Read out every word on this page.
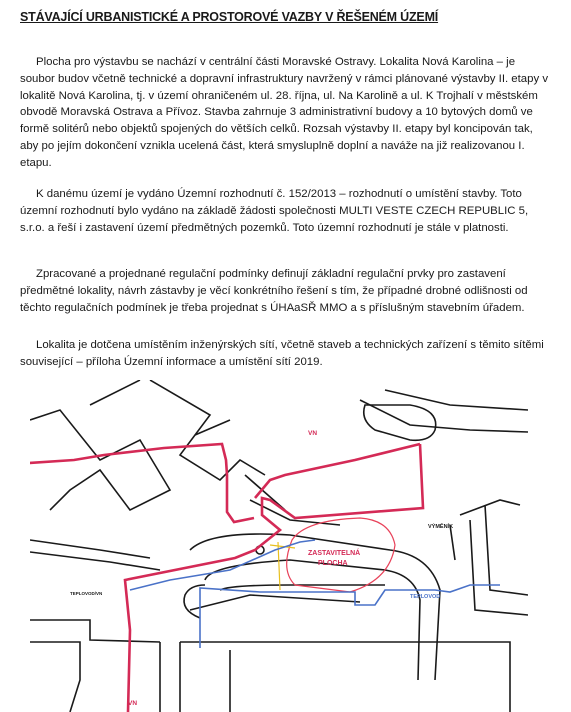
STÁVAJÍCÍ URBANISTICKÉ A PROSTOROVÉ VAZBY V ŘEŠENÉM ÚZEMÍ

Plocha pro výstavbu se nachází v centrální části Moravské Ostravy. Lokalita Nová Karolina – je soubor budov včetně technické a dopravní infrastruktury navržený v rámci plánované výstavby II. etapy v lokalitě Nová Karolina, tj. v území ohraničeném ul. 28. října, ul. Na Karolině a ul. K Trojhalí v městském obvodě Moravská Ostrava a Přívoz. Stavba zahrnuje 3 administrativní budovy a 10 bytových domů ve formě solitérů nebo objektů spojených do větších celků. Rozsah výstavby II. etapy byl koncipován tak, aby po jejím dokončení vznikla ucelená část, která smysluplně doplní a naváže na již realizovanou I. etapu.

K danému území je vydáno Územní rozhodnutí č. 152/2013 – rozhodnutí o umístění stavby. Toto územní rozhodnutí bylo vydáno na základě žádosti společnosti MULTI VESTE CZECH REPUBLIC 5, s.r.o. a řeší i zastavení území předmětných pozemků. Toto územní rozhodnutí je stále v platnosti.

Zpracované a projednané regulační podmínky definují základní regulační prvky pro zastavení předmětné lokality, návrh zástavby je věcí konkrétního řešení s tím, že případné drobné odlišnosti od těchto regulačních podmínek je třeba projednat s ÚHAaSŘ MMO a s příslušným stavebním úřadem.

Lokalita je dotčena umístěním inženýrských sítí, včetně staveb a technických zařízení s těmito sítěmi související – příloha Územní informace a umístění sítí 2019.

VN
ZASTAVITELNÁ
PLOCHA
VÝMĚNÍK
TEPLOVOD
TEPLOVOD/VN
VN
